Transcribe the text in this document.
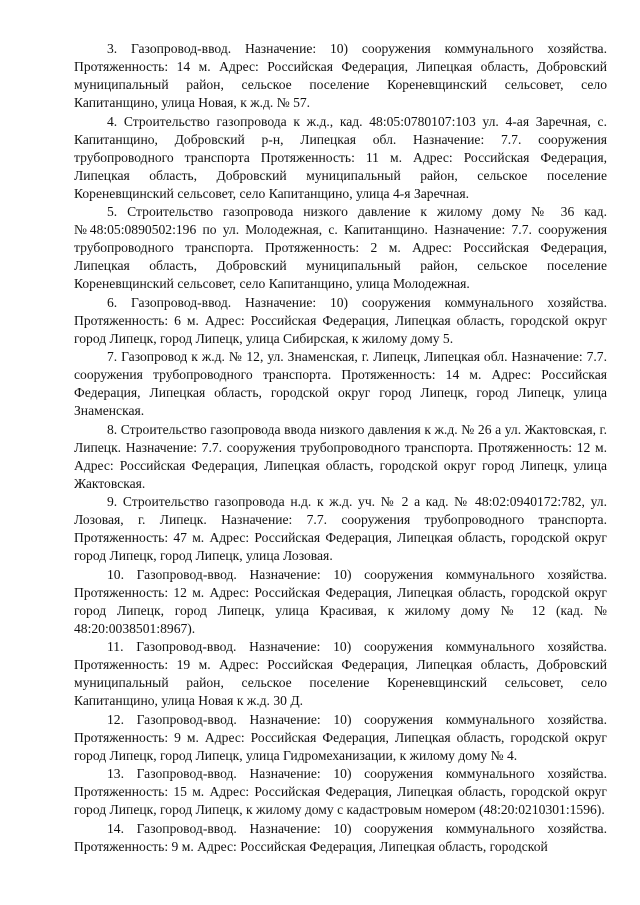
3. Газопровод-ввод. Назначение: 10) сооружения коммунального хозяйства. Протяженность: 14 м. Адрес: Российская Федерация, Липецкая область, Добровский муниципальный район, сельское поселение Кореневщинский сельсовет, село Капитанщино, улица Новая, к ж.д. № 57.

4. Строительство газопровода к ж.д., кад. 48:05:0780107:103 ул. 4-ая Заречная, с. Капитанщино, Добровский р-н, Липецкая обл. Назначение: 7.7. сооружения трубопроводного транспорта Протяженность: 11 м. Адрес: Российская Федерация, Липецкая область, Добровский муниципальный район, сельское поселение Кореневщинский сельсовет, село Капитанщино, улица 4-я Заречная.

5. Строительство газопровода низкого давление к жилому дому № 36 кад. №48:05:0890502:196 по ул. Молодежная, с. Капитанщино. Назначение: 7.7. сооружения трубопроводного транспорта. Протяженность: 2 м. Адрес: Российская Федерация, Липецкая область, Добровский муниципальный район, сельское поселение Кореневщинский сельсовет, село Капитанщино, улица Молодежная.

6. Газопровод-ввод. Назначение: 10) сооружения коммунального хозяйства. Протяженность: 6 м. Адрес: Российская Федерация, Липецкая область, городской округ город Липецк, город Липецк, улица Сибирская, к жилому дому 5.

7. Газопровод к ж.д. № 12, ул. Знаменская, г. Липецк, Липецкая обл. Назначение: 7.7. сооружения трубопроводного транспорта. Протяженность: 14 м. Адрес: Российская Федерация, Липецкая область, городской округ город Липецк, город Липецк, улица Знаменская.

8. Строительство газопровода ввода низкого давления к ж.д. № 26 а ул. Жактовская, г. Липецк. Назначение: 7.7. сооружения трубопроводного транспорта. Протяженность: 12 м. Адрес: Российская Федерация, Липецкая область, городской округ город Липецк, улица Жактовская.

9. Строительство газопровода н.д. к ж.д. уч. № 2 а кад. № 48:02:0940172:782, ул. Лозовая, г. Липецк. Назначение: 7.7. сооружения трубопроводного транспорта. Протяженность: 47 м. Адрес: Российская Федерация, Липецкая область, городской округ город Липецк, город Липецк, улица Лозовая.

10. Газопровод-ввод. Назначение: 10) сооружения коммунального хозяйства. Протяженность: 12 м. Адрес: Российская Федерация, Липецкая область, городской округ город Липецк, город Липецк, улица Красивая, к жилому дому № 12 (кад. № 48:20:0038501:8967).

11. Газопровод-ввод. Назначение: 10) сооружения коммунального хозяйства. Протяженность: 19 м. Адрес: Российская Федерация, Липецкая область, Добровский муниципальный район, сельское поселение Кореневщинский сельсовет, село Капитанщино, улица Новая к ж.д. 30 Д.

12. Газопровод-ввод. Назначение: 10) сооружения коммунального хозяйства. Протяженность: 9 м. Адрес: Российская Федерация, Липецкая область, городской округ город Липецк, город Липецк, улица Гидромеханизации, к жилому дому № 4.

13. Газопровод-ввод. Назначение: 10) сооружения коммунального хозяйства. Протяженность: 15 м. Адрес: Российская Федерация, Липецкая область, городской округ город Липецк, город Липецк, к жилому дому с кадастровым номером (48:20:0210301:1596).

14. Газопровод-ввод. Назначение: 10) сооружения коммунального хозяйства. Протяженность: 9 м. Адрес: Российская Федерация, Липецкая область, городской
